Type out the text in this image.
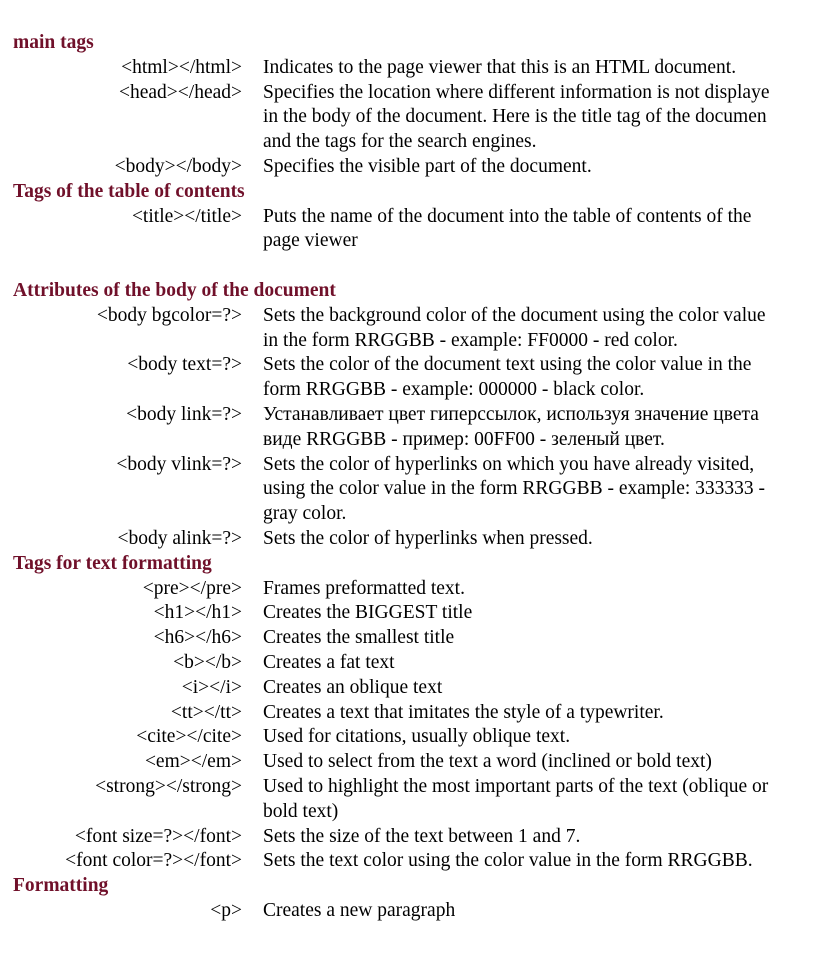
main tags
<html></html> Indicates to the page viewer that this is an HTML document.
<head></head> Specifies the location where different information is not displaye
in the body of the document. Here is the title tag of the documen
and the tags for the search engines.
<body></body> Specifies the visible part of the document.
Tags of the table of contents
<title></title> Puts the name of the document into the table of contents of the
page viewer
Attributes of the body of the document
<body bgcolor=?> Sets the background color of the document using the color value
in the form RRGGBB - example: FF0000 - red color.
<body text=?> Sets the color of the document text using the color value in the
form RRGGBB - example: 000000 - black color.
<body link=?> Устанавливает цвет гиперссылок, используя значение цвета
виде RRGGBB - пример: 00FF00 - зеленый цвет.
<body vlink=?> Sets the color of hyperlinks on which you have already visited,
using the color value in the form RRGGBB - example: 333333 -
gray color.
<body alink=?> Sets the color of hyperlinks when pressed.
Tags for text formatting
<pre></pre> Frames preformatted text.
<h1></h1> Creates the BIGGEST title
<h6></h6> Creates the smallest title
<b></b> Creates a fat text
<i></i> Creates an oblique text
<tt></tt> Creates a text that imitates the style of a typewriter.
<cite></cite> Used for citations, usually oblique text.
<em></em> Used to select from the text a word (inclined or bold text)
<strong></strong> Used to highlight the most important parts of the text (oblique or
bold text)
<font size=?></font> Sets the size of the text between 1 and 7.
<font color=?></font> Sets the text color using the color value in the form RRGGBB.
Formatting
<p> Creates a new paragraph
